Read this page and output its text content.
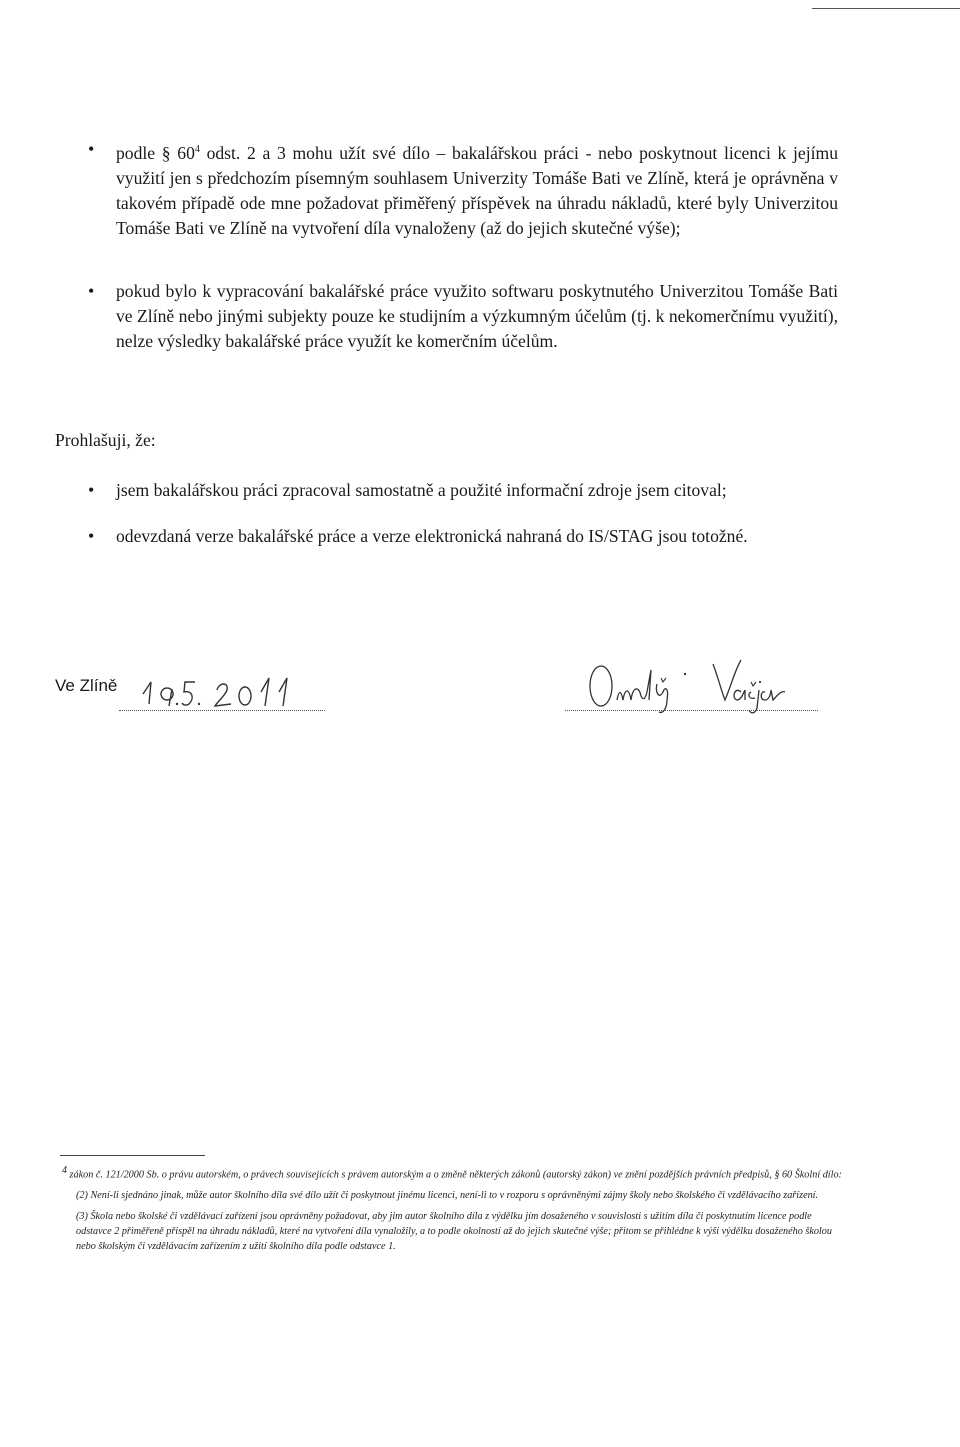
• podle § $60^4$ odst. 2 a 3 mohu užít své dílo – bakalářskou práci - nebo poskytnout licenci k jejímu využití jen s předchozím písemným souhlasem Univerzity Tomáše Bati ve Zlíně, která je oprávněna v takovém případě ode mne požadovat přiměřený příspěvek na úhradu nákladů, které byly Univerzitou Tomáše Bati ve Zlíně na vytvoření díla vynaloženy (až do jejich skutečné výše);
• pokud bylo k vypracování bakalářské práce využito softwaru poskytnutého Univerzitou Tomáše Bati ve Zlíně nebo jinými subjekty pouze ke studijním a výzkumným účelům (tj. k nekomerčnímu využití), nelze výsledky bakalářské práce využít ke komerčním účelům.
Prohlašuji, že:
• jsem bakalářskou práci zpracoval samostatně a použité informační zdroje jsem citoval;
• odevzdaná verze bakalářské práce a verze elektronická nahraná do IS/STAG jsou totožné.
Ve Zlíně
$^4$ zákon č. 121/2000 Sb. o právu autorském, o právech souvisejících s právem autorským a o změně některých zákonů (autorský zákon) ve znění pozdějších právních předpisů, § 60 Školní dílo:
(2) Není-li sjednáno jinak, může autor školního díla své dílo užít či poskytnout jinému licenci, není-li to v rozporu s oprávněnými zájmy školy nebo školského či vzdělávacího zařízení.
(3) Škola nebo školské či vzdělávací zařízení jsou oprávněny požadovat, aby jim autor školního díla z výdělku jím dosaženého v souvislosti s užitím díla či poskytnutím licence podle odstavce 2 přiměřeně přispěl na úhradu nákladů, které na vytvoření díla vynaložily, a to podle okolností až do jejich skutečné výše; přitom se přihlédne k výši výdělku dosaženého školou nebo školským či vzdělávacím zařízením z užití školního díla podle odstavce 1.
